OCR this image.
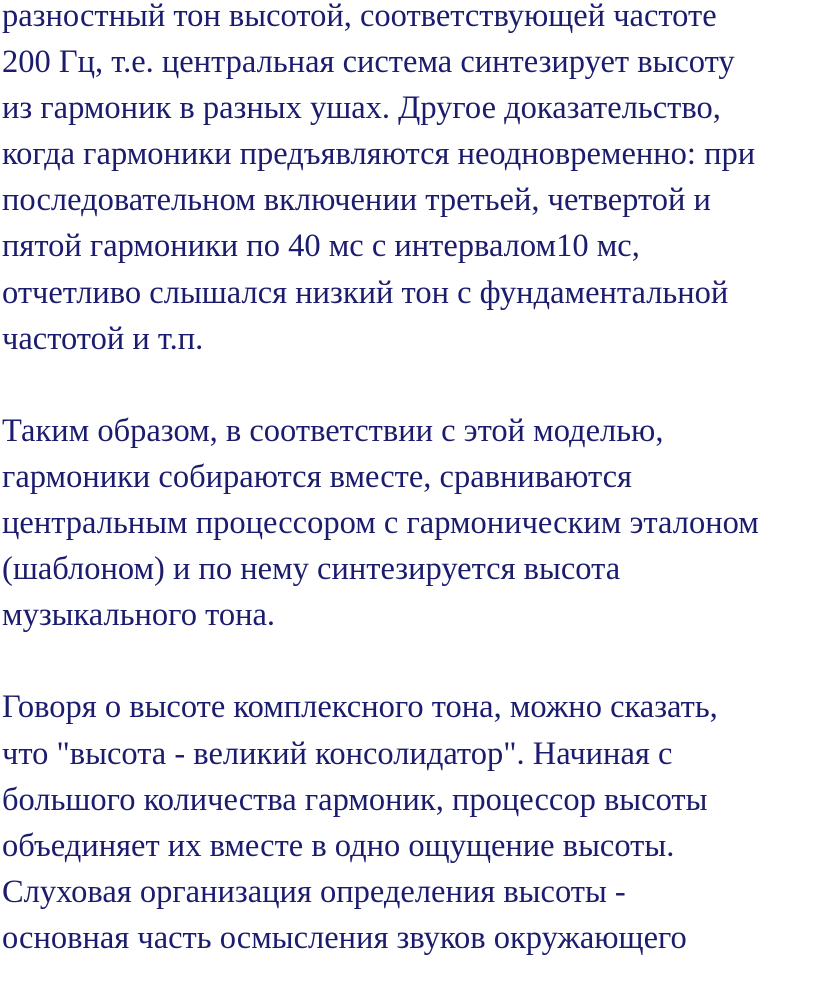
разностный тон высотой, соответствующей частоте
200 Гц, т.е. центральная система синтезирует высоту
из гармоник в разных ушах. Другое доказательство,
когда гармоники предъявляются неодновременно: при
последовательном включении третьей, четвертой и
пятой гармоники по 40 мс с интервалом10 мс,
отчетливо слышался низкий тон с фундаментальной
частотой и т.п.
Таким образом, в соответствии с этой моделью,
гармоники собираются вместе, сравниваются
центральным процессором с гармоническим эталоном
(шаблоном) и по нему синтезируется высота
музыкального тона.
Говоря о высоте комплексного тона, можно сказать,
что "высота - великий консолидатор". Начиная с
большого количества гармоник, процессор высоты
объединяет их вместе в одно ощущение высоты.
Слуховая организация определения высоты -
основная часть осмысления звуков окружающего
